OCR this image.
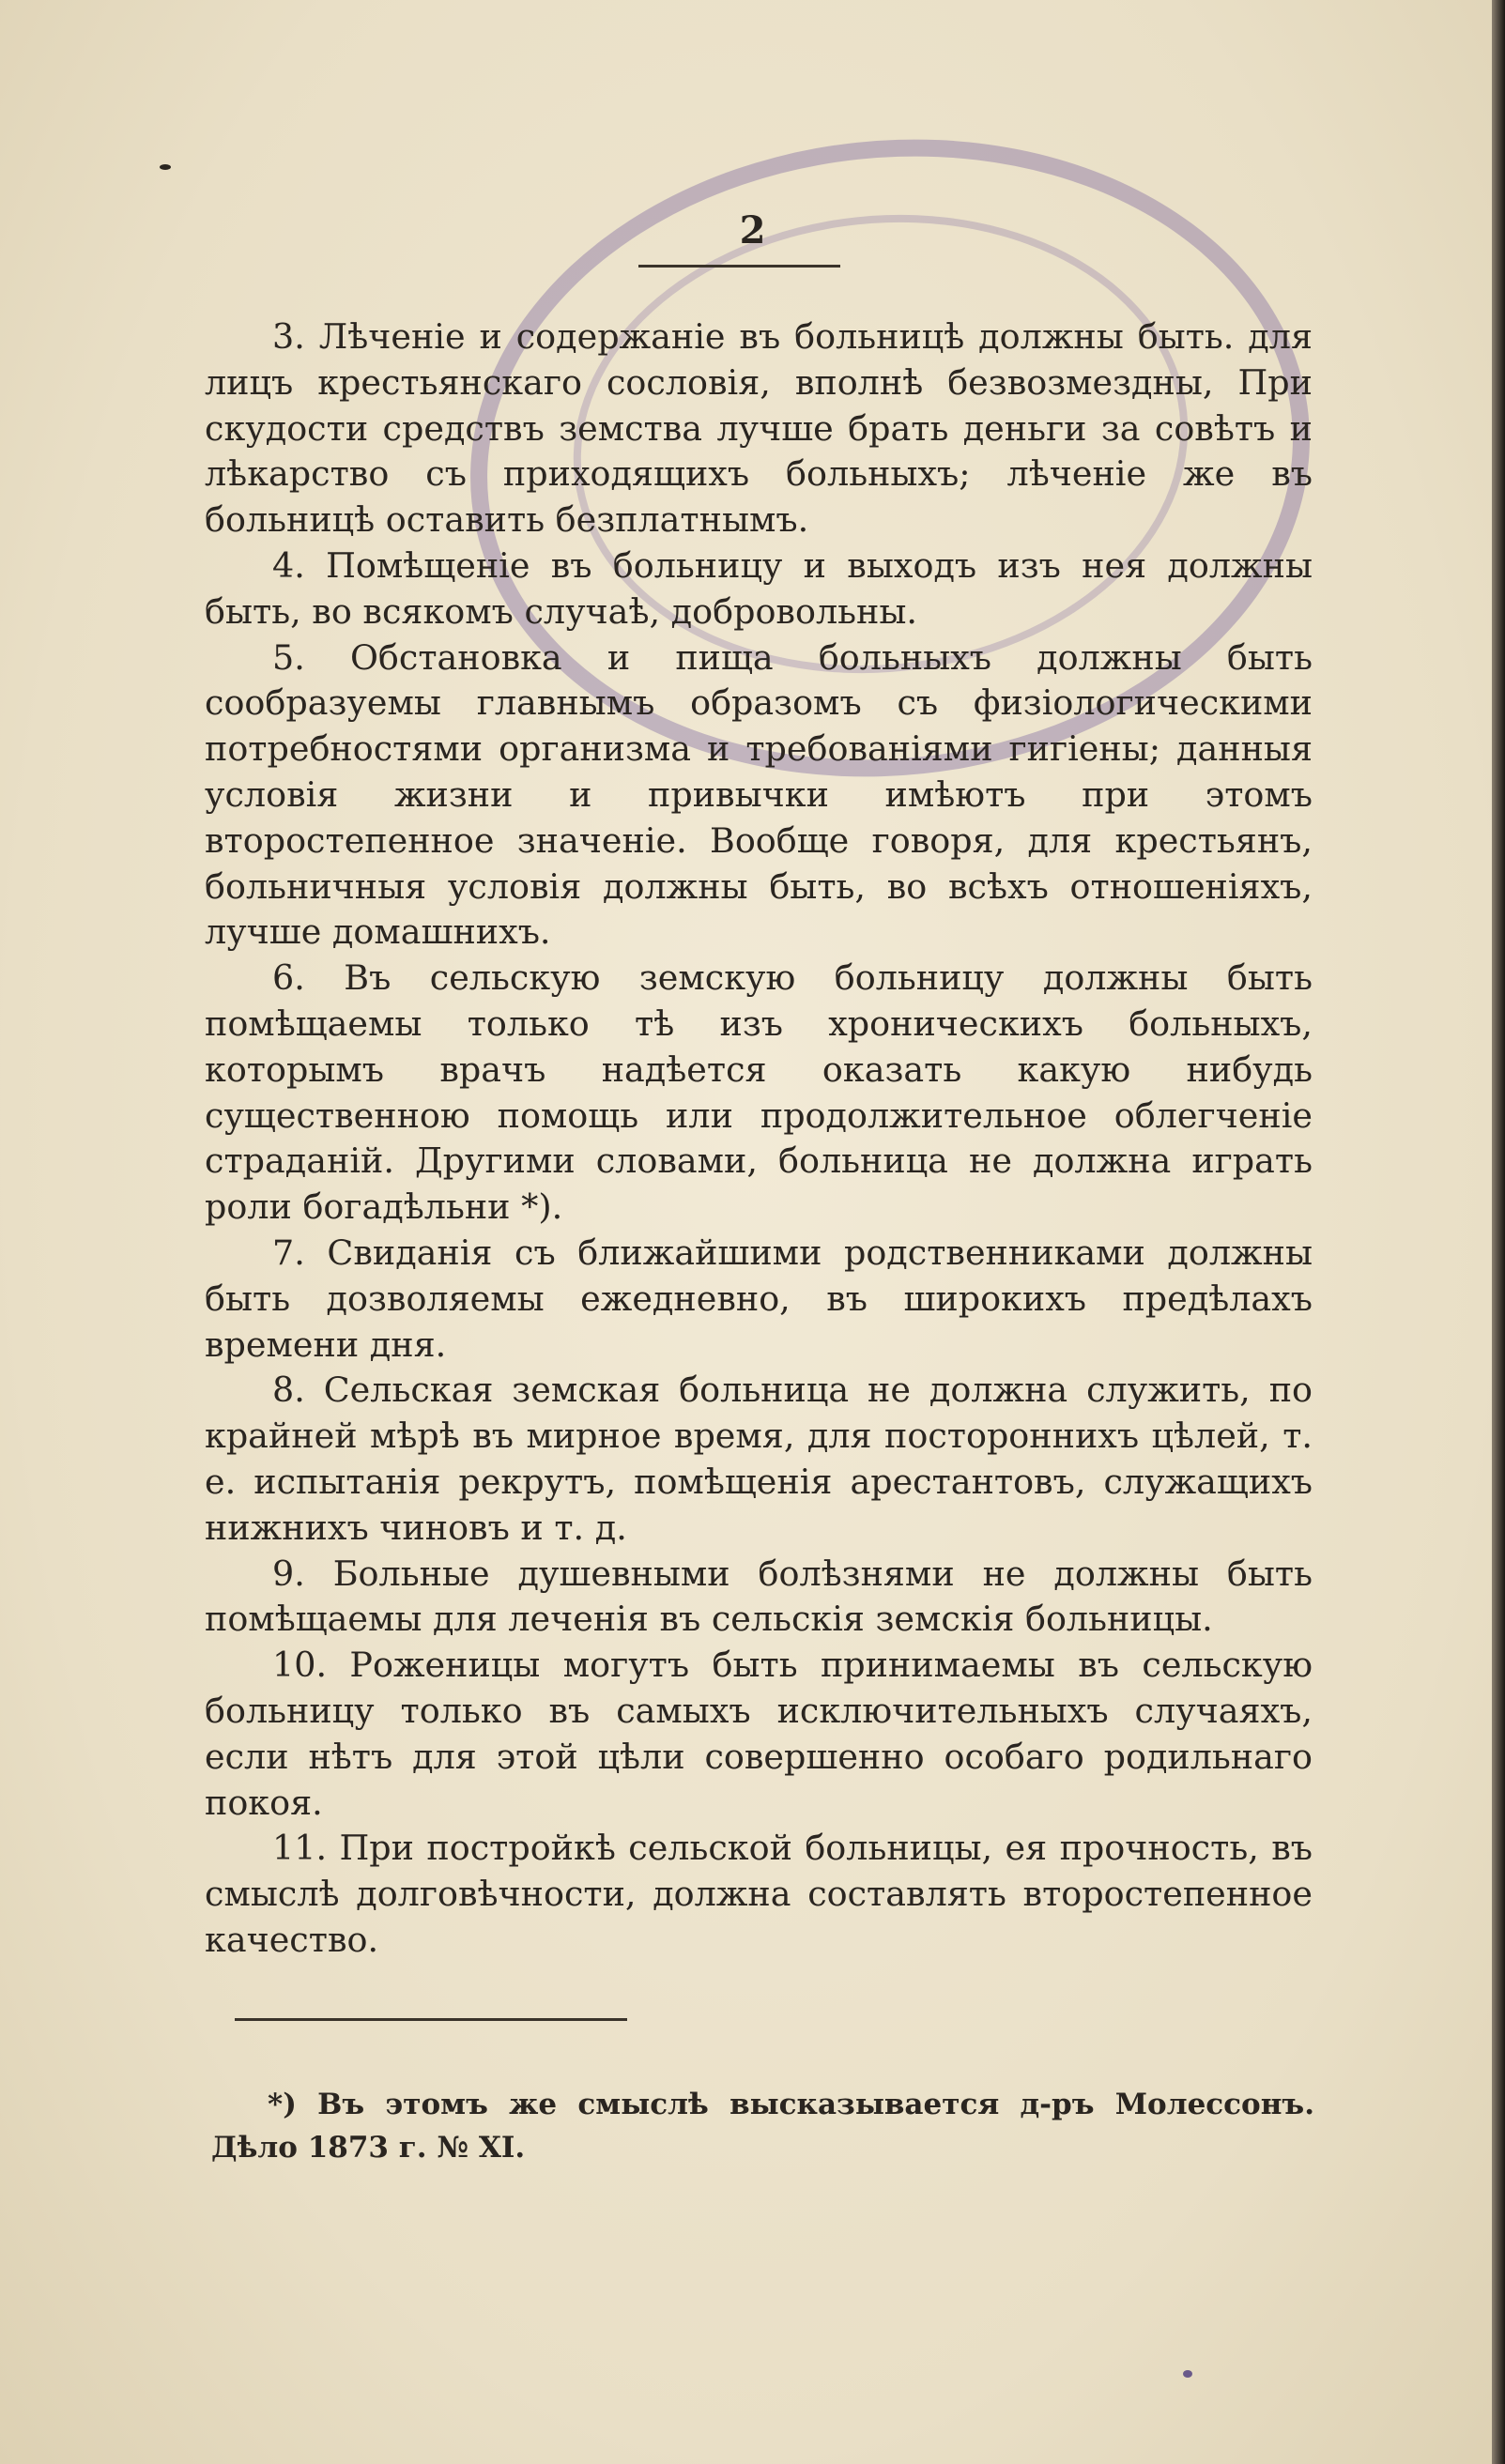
2

3. Лѣченіе и содержаніе въ больницѣ должны быть. для лицъ крестьянскаго сословія, вполнѣ безвозмездны, При скудости средствъ земства лучше брать деньги за совѣтъ и лѣкарство съ приходящихъ больныхъ; лѣченіе же въ больницѣ оставить безплатнымъ.

4. Помѣщеніе въ больницу и выходъ изъ нея должны быть, во всякомъ случаѣ, добровольны.

5. Обстановка и пища больныхъ должны быть сообразуемы главнымъ образомъ съ физіологическими потребностями организма и требованіями гигіены; данныя условія жизни и привычки имѣютъ при этомъ второстепенное значеніе. Вообще говоря, для крестьянъ, больничныя условія должны быть, во всѣхъ отношеніяхъ, лучше домашнихъ.

6. Въ сельскую земскую больницу должны быть помѣщаемы только тѣ изъ хроническихъ больныхъ, которымъ врачъ надѣется оказать какую нибудь существенною помощь или продолжительное облегченіе страданій. Другими словами, больница не должна играть роли богадѣльни *).

7. Свиданія съ ближайшими родственниками должны быть дозволяемы ежедневно, въ широкихъ предѣлахъ времени дня.

8. Сельская земская больница не должна служить, по крайней мѣрѣ въ мирное время, для постороннихъ цѣлей, т. е. испытанія рекрутъ, помѣщенія арестантовъ, служащихъ нижнихъ чиновъ и т. д.

9. Больные душевными болѣзнями не должны быть помѣщаемы для леченія въ сельскія земскія больницы.

10. Роженицы могутъ быть принимаемы въ сельскую больницу только въ самыхъ исключительныхъ случаяхъ, если нѣтъ для этой цѣли совершенно особаго родильнаго покоя.

11. При постройкѣ сельской больницы, ея прочность, въ смыслѣ долговѣчности, должна составлять второстепенное качество.

*) Въ этомъ же смыслѣ высказывается д-ръ Молессонъ. Дѣло 1873 г. № XI.
